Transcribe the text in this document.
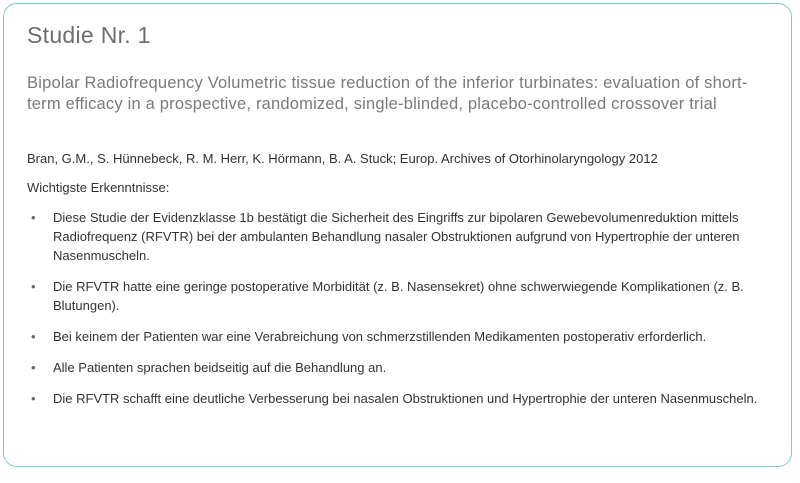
Studie Nr. 1
Bipolar Radiofrequency Volumetric tissue reduction of the inferior turbinates: evaluation of short-term efficacy in a prospective, randomized, single-blinded, placebo-controlled crossover trial
Bran, G.M., S. Hünnebeck, R. M. Herr, K. Hörmann, B. A. Stuck; Europ. Archives of Otorhinolaryngology 2012
Wichtigste Erkenntnisse:
• Diese Studie der Evidenzklasse 1b bestätigt die Sicherheit des Eingriffs zur bipolaren Gewebevolumenreduktion mittels Radiofrequenz (RFVTR) bei der ambulanten Behandlung nasaler Obstruktionen aufgrund von Hypertrophie der unteren Nasenmuscheln.
• Die RFVTR hatte eine geringe postoperative Morbidität (z. B. Nasensekret) ohne schwerwiegende Komplikationen (z. B. Blutungen).
• Bei keinem der Patienten war eine Verabreichung von schmerzstillenden Medikamenten postoperativ erforderlich.
• Alle Patienten sprachen beidseitig auf die Behandlung an.
• Die RFVTR schafft eine deutliche Verbesserung bei nasalen Obstruktionen und Hypertrophie der unteren Nasenmuscheln.
